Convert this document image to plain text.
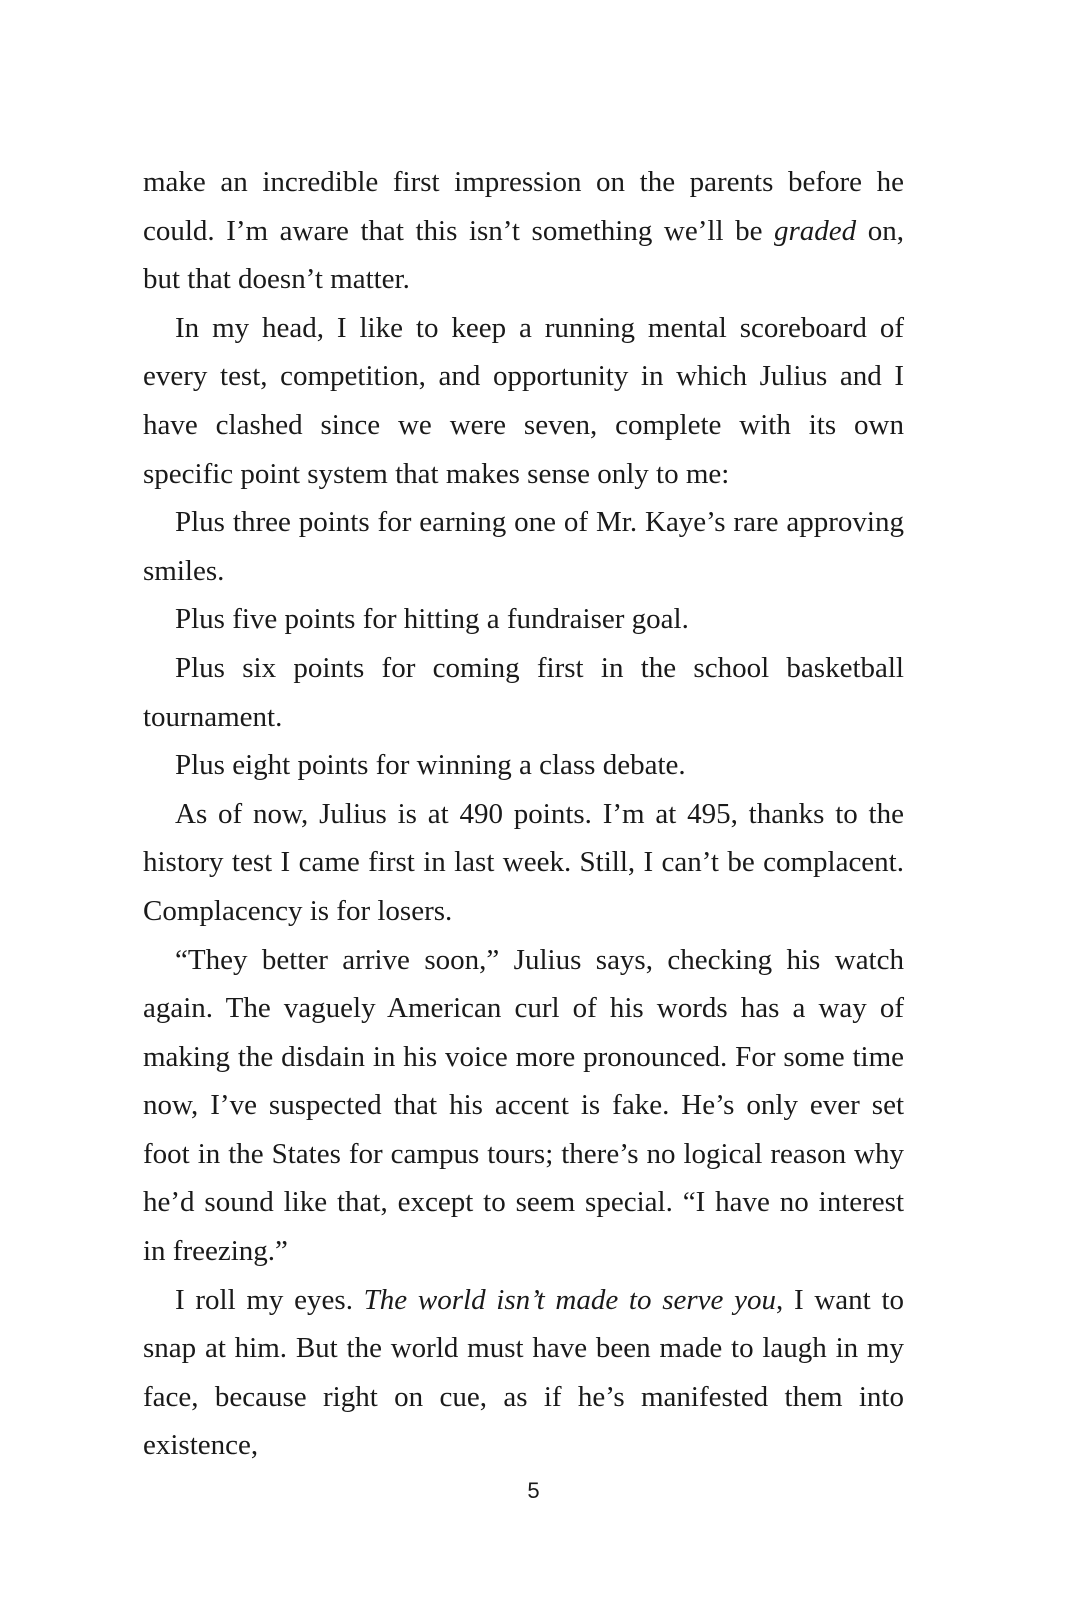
make an incredible first impression on the parents before he could. I’m aware that this isn’t something we’ll be graded on, but that doesn’t matter.

In my head, I like to keep a running mental scoreboard of every test, competition, and opportunity in which Julius and I have clashed since we were seven, complete with its own specific point system that makes sense only to me:

Plus three points for earning one of Mr. Kaye’s rare approving smiles.

Plus five points for hitting a fundraiser goal.

Plus six points for coming first in the school basketball tournament.

Plus eight points for winning a class debate.

As of now, Julius is at 490 points. I’m at 495, thanks to the history test I came first in last week. Still, I can’t be complacent. Complacency is for losers.

“They better arrive soon,” Julius says, checking his watch again. The vaguely American curl of his words has a way of making the disdain in his voice more pronounced. For some time now, I’ve suspected that his accent is fake. He’s only ever set foot in the States for campus tours; there’s no logical reason why he’d sound like that, except to seem special. “I have no interest in freezing.”

I roll my eyes. The world isn’t made to serve you, I want to snap at him. But the world must have been made to laugh in my face, because right on cue, as if he’s manifested them into existence,

5
